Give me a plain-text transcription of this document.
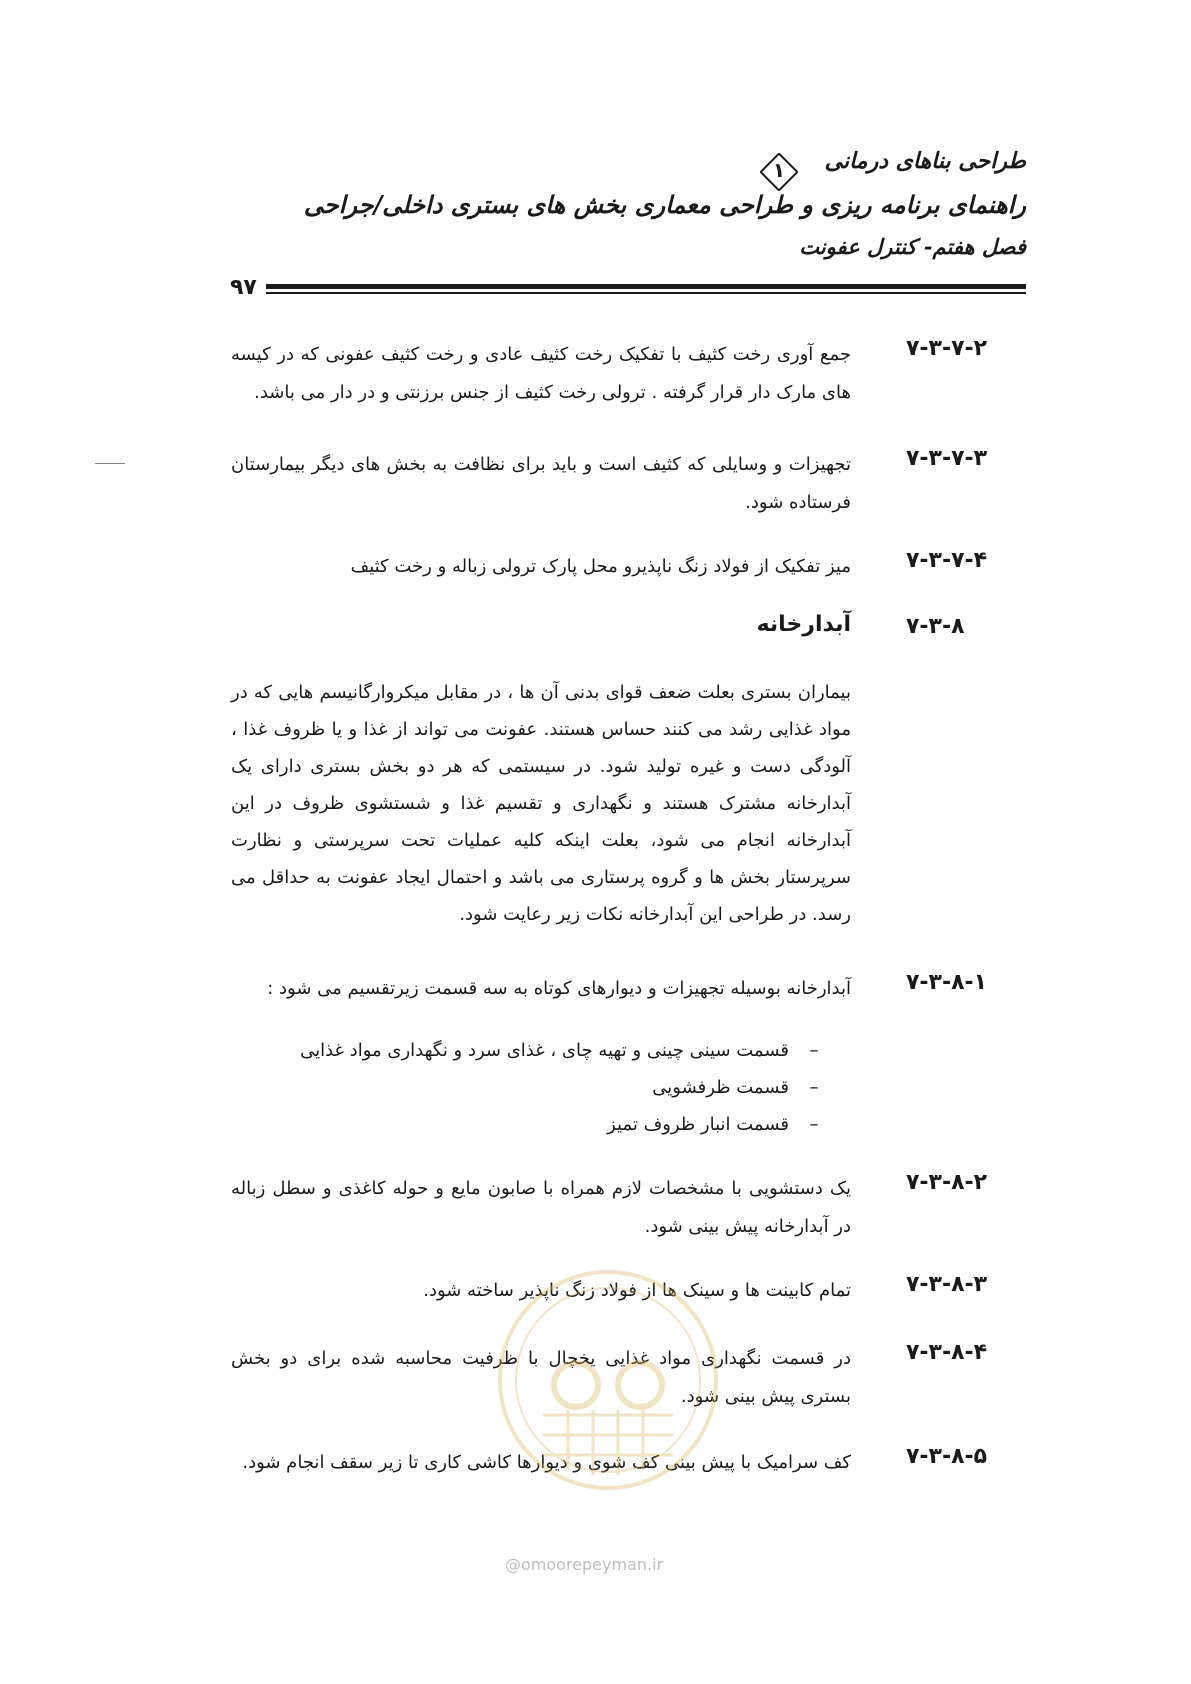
طراحی بناهای درمانی
۱
راهنمای برنامه ریزی و طراحی معماری بخش های بستری داخلی/جراحی
فصل هفتم- کنترل عفونت
۹۷
۷-۳-۷-۲
جمع آوری رخت کثیف با تفکیک رخت کثیف عادی و رخت کثیف عفونی که در کیسه های مارک دار قرار گرفته . ترولی رخت کثیف از جنس برزنتی و در دار می باشد.
۷-۳-۷-۳
تجهیزات و وسایلی که کثیف است و باید برای نظافت به بخش های دیگر بیمارستان فرستاده شود.
۷-۳-۷-۴
میز تفکیک از فولاد زنگ ناپذیرو محل پارک ترولی زباله و رخت کثیف
۷-۳-۸
آبدارخانه
بیماران بستری بعلت ضعف قوای بدنی آن ها ، در مقابل میکروارگانیسم هایی که در مواد غذایی رشد می کنند حساس هستند. عفونت می تواند از غذا و یا ظروف غذا ، آلودگی دست و غیره تولید شود. در سیستمی که هر دو بخش بستری دارای یک آبدارخانه مشترک هستند و نگهداری و تقسیم غذا و شستشوی ظروف در این آبدارخانه انجام می شود، بعلت اینکه کلیه عملیات تحت سرپرستی و نظارت سرپرستار بخش ها و گروه پرستاری می باشد و احتمال ایجاد عفونت به حداقل می رسد. در طراحی این آبدارخانه نکات زیر رعایت شود.
۷-۳-۸-۱
آبدارخانه بوسیله تجهیزات و دیوارهای کوتاه به سه قسمت زیرتقسیم می شود :
–
قسمت سینی چینی و تهیه چای ، غذای سرد و نگهداری مواد غذایی
–
قسمت ظرفشویی
–
قسمت انبار ظروف تمیز
۷-۳-۸-۲
یک دستشویی با مشخصات لازم همراه با صابون مایع و حوله کاغذی و سطل زباله در آبدارخانه پیش بینی شود.
۷-۳-۸-۳
تمام کابینت ها و سینک ها از فولاد زنگ ناپذیر ساخته شود.
۷-۳-۸-۴
در قسمت نگهداری مواد غذایی یخچال با ظرفیت محاسبه شده برای دو بخش بستری پیش بینی شود.
۷-۳-۸-۵
کف سرامیک با پیش بینی کف شوی و دیوارها کاشی کاری تا زیر سقف انجام شود.
@omoorepeyman.ir
